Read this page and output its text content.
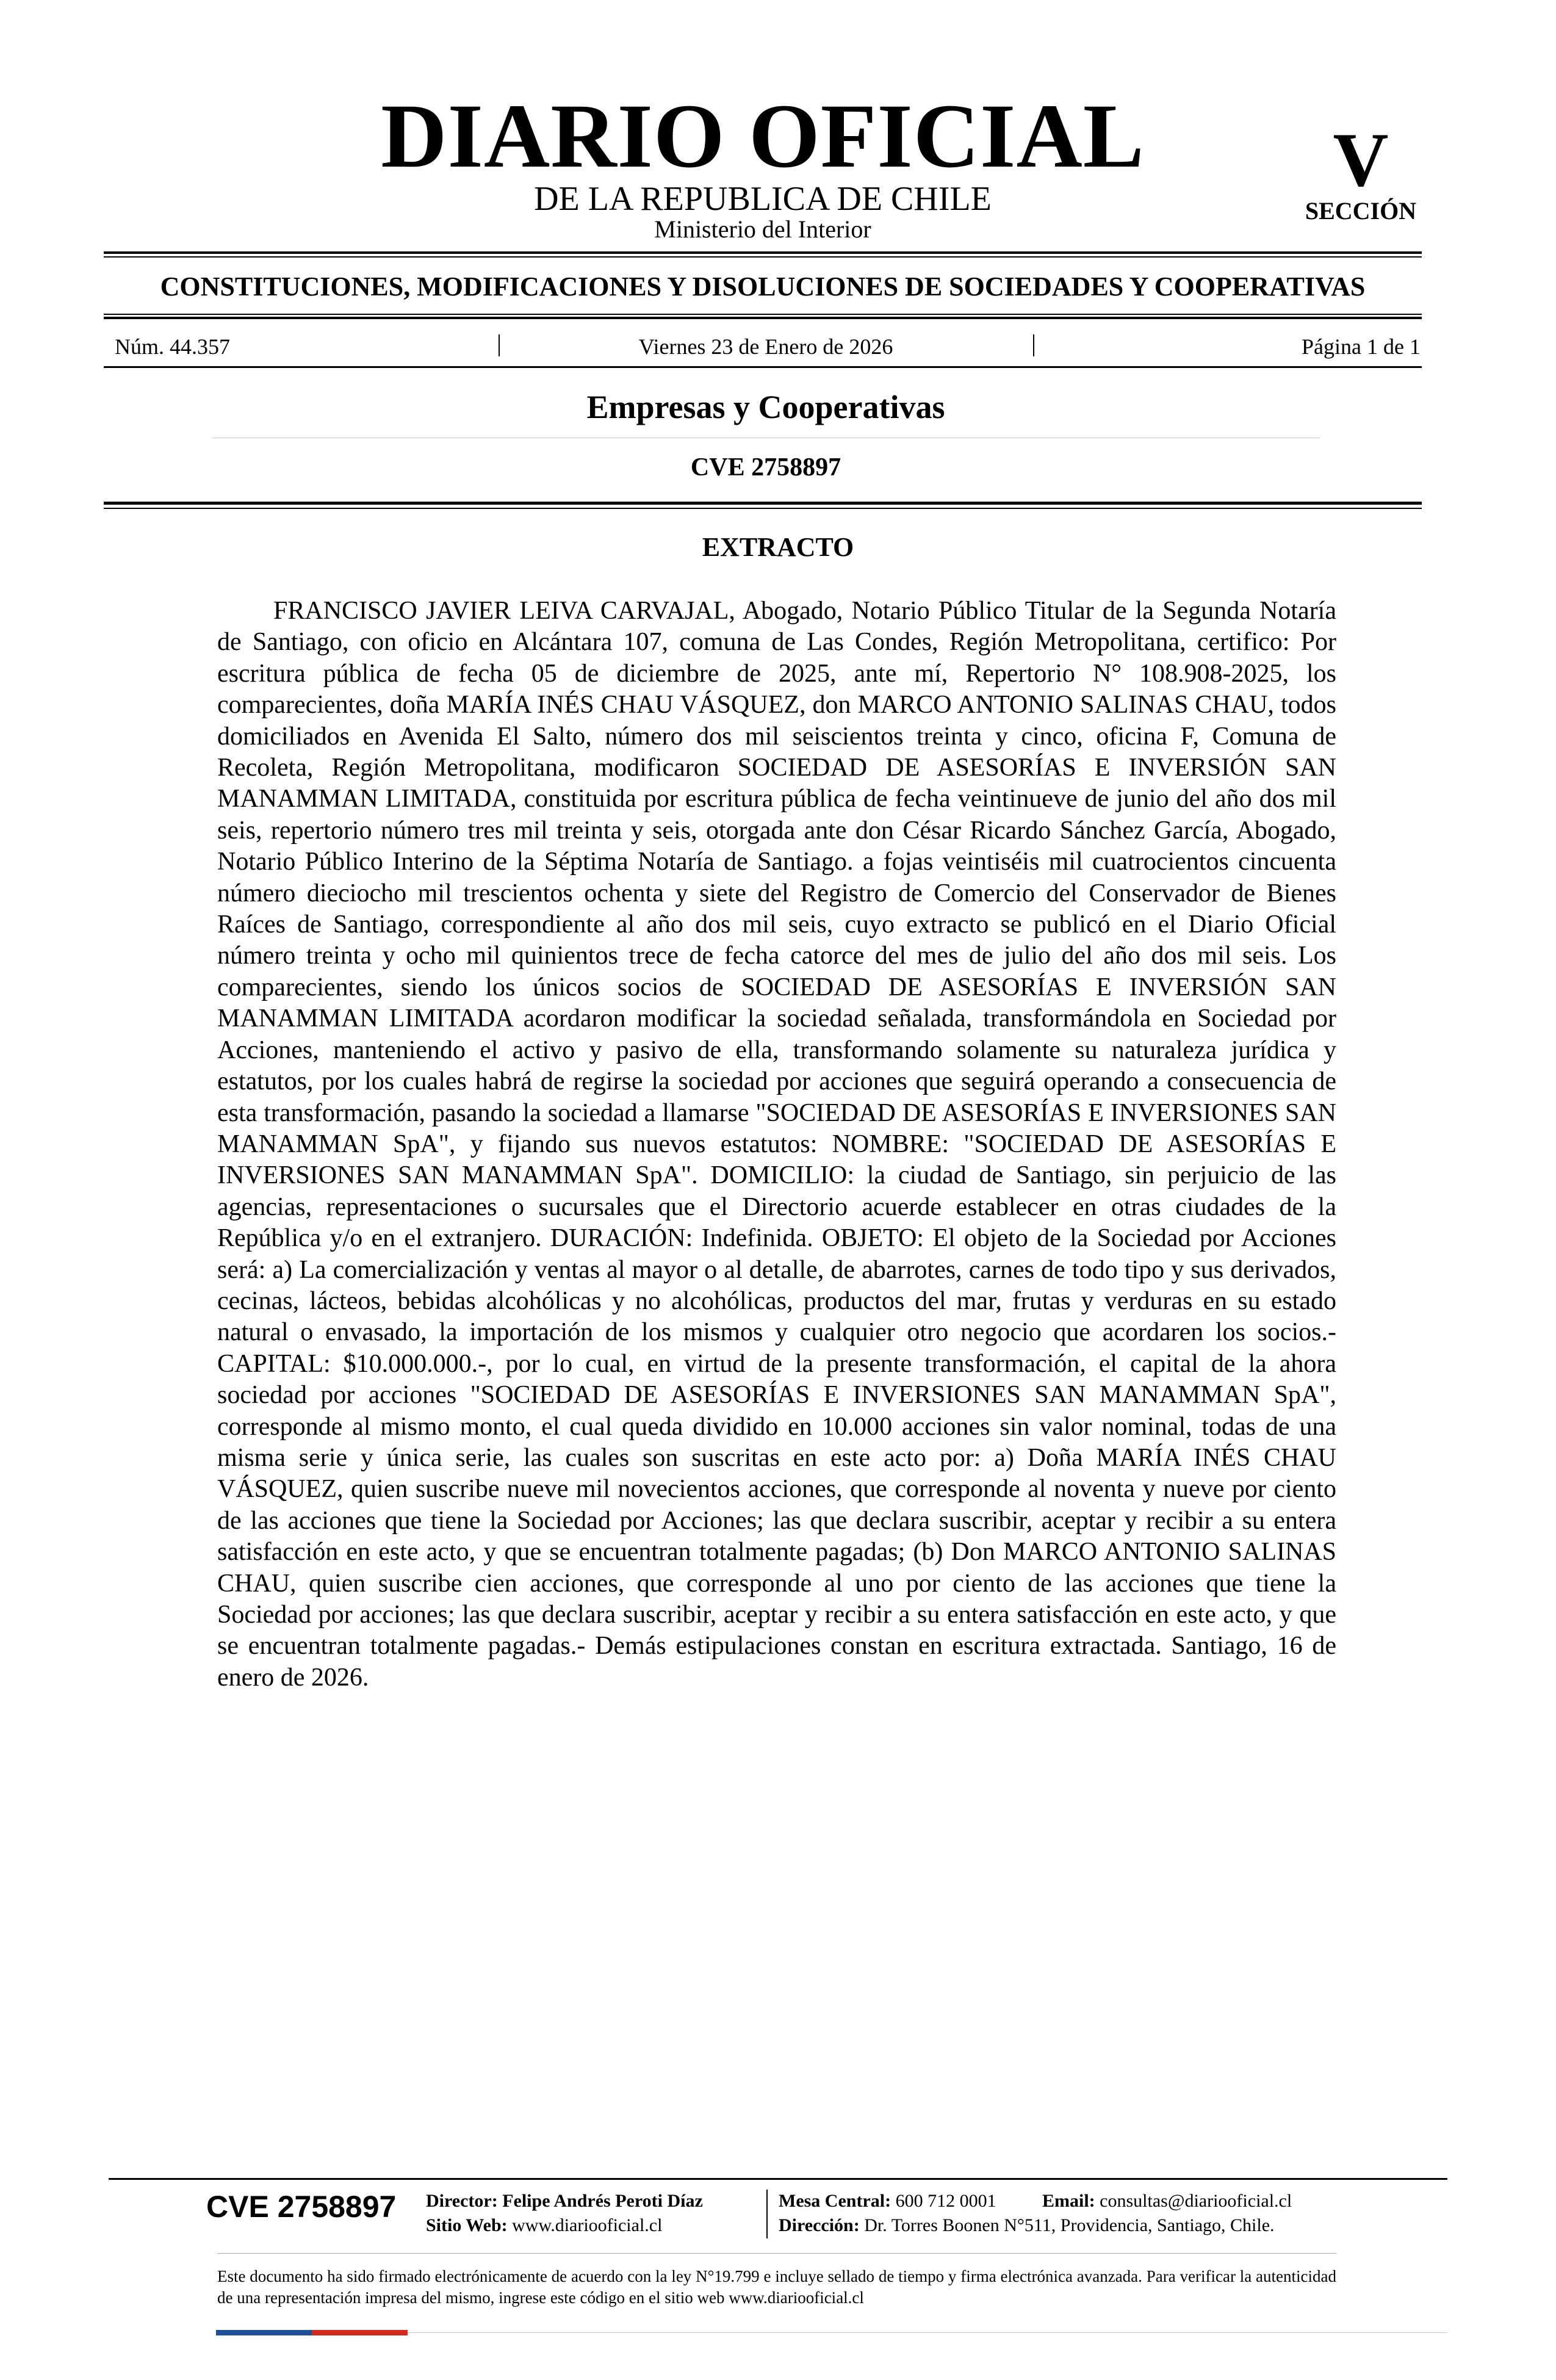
DIARIO OFICIAL
DE LA REPUBLICA DE CHILE
Ministerio del Interior
V
SECCIÓN
CONSTITUCIONES, MODIFICACIONES Y DISOLUCIONES DE SOCIEDADES Y COOPERATIVAS
Núm. 44.357	Viernes 23 de Enero de 2026	Página 1 de 1
Empresas y Cooperativas
CVE 2758897
EXTRACTO
FRANCISCO JAVIER LEIVA CARVAJAL, Abogado, Notario Público Titular de la Segunda Notaría de Santiago, con oficio en Alcántara 107, comuna de Las Condes, Región Metropolitana, certifico: Por escritura pública de fecha 05 de diciembre de 2025, ante mí, Repertorio N° 108.908-2025, los comparecientes, doña MARÍA INÉS CHAU VÁSQUEZ, don MARCO ANTONIO SALINAS CHAU, todos domiciliados en Avenida El Salto, número dos mil seiscientos treinta y cinco, oficina F, Comuna de Recoleta, Región Metropolitana, modificaron SOCIEDAD DE ASESORÍAS E INVERSIÓN SAN MANAMMAN LIMITADA, constituida por escritura pública de fecha veintinueve de junio del año dos mil seis, repertorio número tres mil treinta y seis, otorgada ante don César Ricardo Sánchez García, Abogado, Notario Público Interino de la Séptima Notaría de Santiago. a fojas veintiséis mil cuatrocientos cincuenta número dieciocho mil trescientos ochenta y siete del Registro de Comercio del Conservador de Bienes Raíces de Santiago, correspondiente al año dos mil seis, cuyo extracto se publicó en el Diario Oficial número treinta y ocho mil quinientos trece de fecha catorce del mes de julio del año dos mil seis. Los comparecientes, siendo los únicos socios de SOCIEDAD DE ASESORÍAS E INVERSIÓN SAN MANAMMAN LIMITADA acordaron modificar la sociedad señalada, transformándola en Sociedad por Acciones, manteniendo el activo y pasivo de ella, transformando solamente su naturaleza jurídica y estatutos, por los cuales habrá de regirse la sociedad por acciones que seguirá operando a consecuencia de esta transformación, pasando la sociedad a llamarse "SOCIEDAD DE ASESORÍAS E INVERSIONES SAN MANAMMAN SpA", y fijando sus nuevos estatutos: NOMBRE: "SOCIEDAD DE ASESORÍAS E INVERSIONES SAN MANAMMAN SpA". DOMICILIO: la ciudad de Santiago, sin perjuicio de las agencias, representaciones o sucursales que el Directorio acuerde establecer en otras ciudades de la República y/o en el extranjero. DURACIÓN: Indefinida. OBJETO: El objeto de la Sociedad por Acciones será: a) La comercialización y ventas al mayor o al detalle, de abarrotes, carnes de todo tipo y sus derivados, cecinas, lácteos, bebidas alcohólicas y no alcohólicas, productos del mar, frutas y verduras en su estado natural o envasado, la importación de los mismos y cualquier otro negocio que acordaren los socios.- CAPITAL: $10.000.000.-, por lo cual, en virtud de la presente transformación, el capital de la ahora sociedad por acciones "SOCIEDAD DE ASESORÍAS E INVERSIONES SAN MANAMMAN SpA", corresponde al mismo monto, el cual queda dividido en 10.000 acciones sin valor nominal, todas de una misma serie y única serie, las cuales son suscritas en este acto por: a) Doña MARÍA INÉS CHAU VÁSQUEZ, quien suscribe nueve mil novecientos acciones, que corresponde al noventa y nueve por ciento de las acciones que tiene la Sociedad por Acciones; las que declara suscribir, aceptar y recibir a su entera satisfacción en este acto, y que se encuentran totalmente pagadas; (b) Don MARCO ANTONIO SALINAS CHAU, quien suscribe cien acciones, que corresponde al uno por ciento de las acciones que tiene la Sociedad por acciones; las que declara suscribir, aceptar y recibir a su entera satisfacción en este acto, y que se encuentran totalmente pagadas.- Demás estipulaciones constan en escritura extractada. Santiago, 16 de enero de 2026.
CVE 2758897 Director: Felipe Andrés Peroti Díaz
Sitio Web: www.diariooficial.cl
Mesa Central: 600 712 0001	Email: consultas@diariooficial.cl
Dirección: Dr. Torres Boonen N°511, Providencia, Santiago, Chile.
Este documento ha sido firmado electrónicamente de acuerdo con la ley N°19.799 e incluye sellado de tiempo y firma electrónica avanzada. Para verificar la autenticidad de una representación impresa del mismo, ingrese este código en el sitio web www.diariooficial.cl
